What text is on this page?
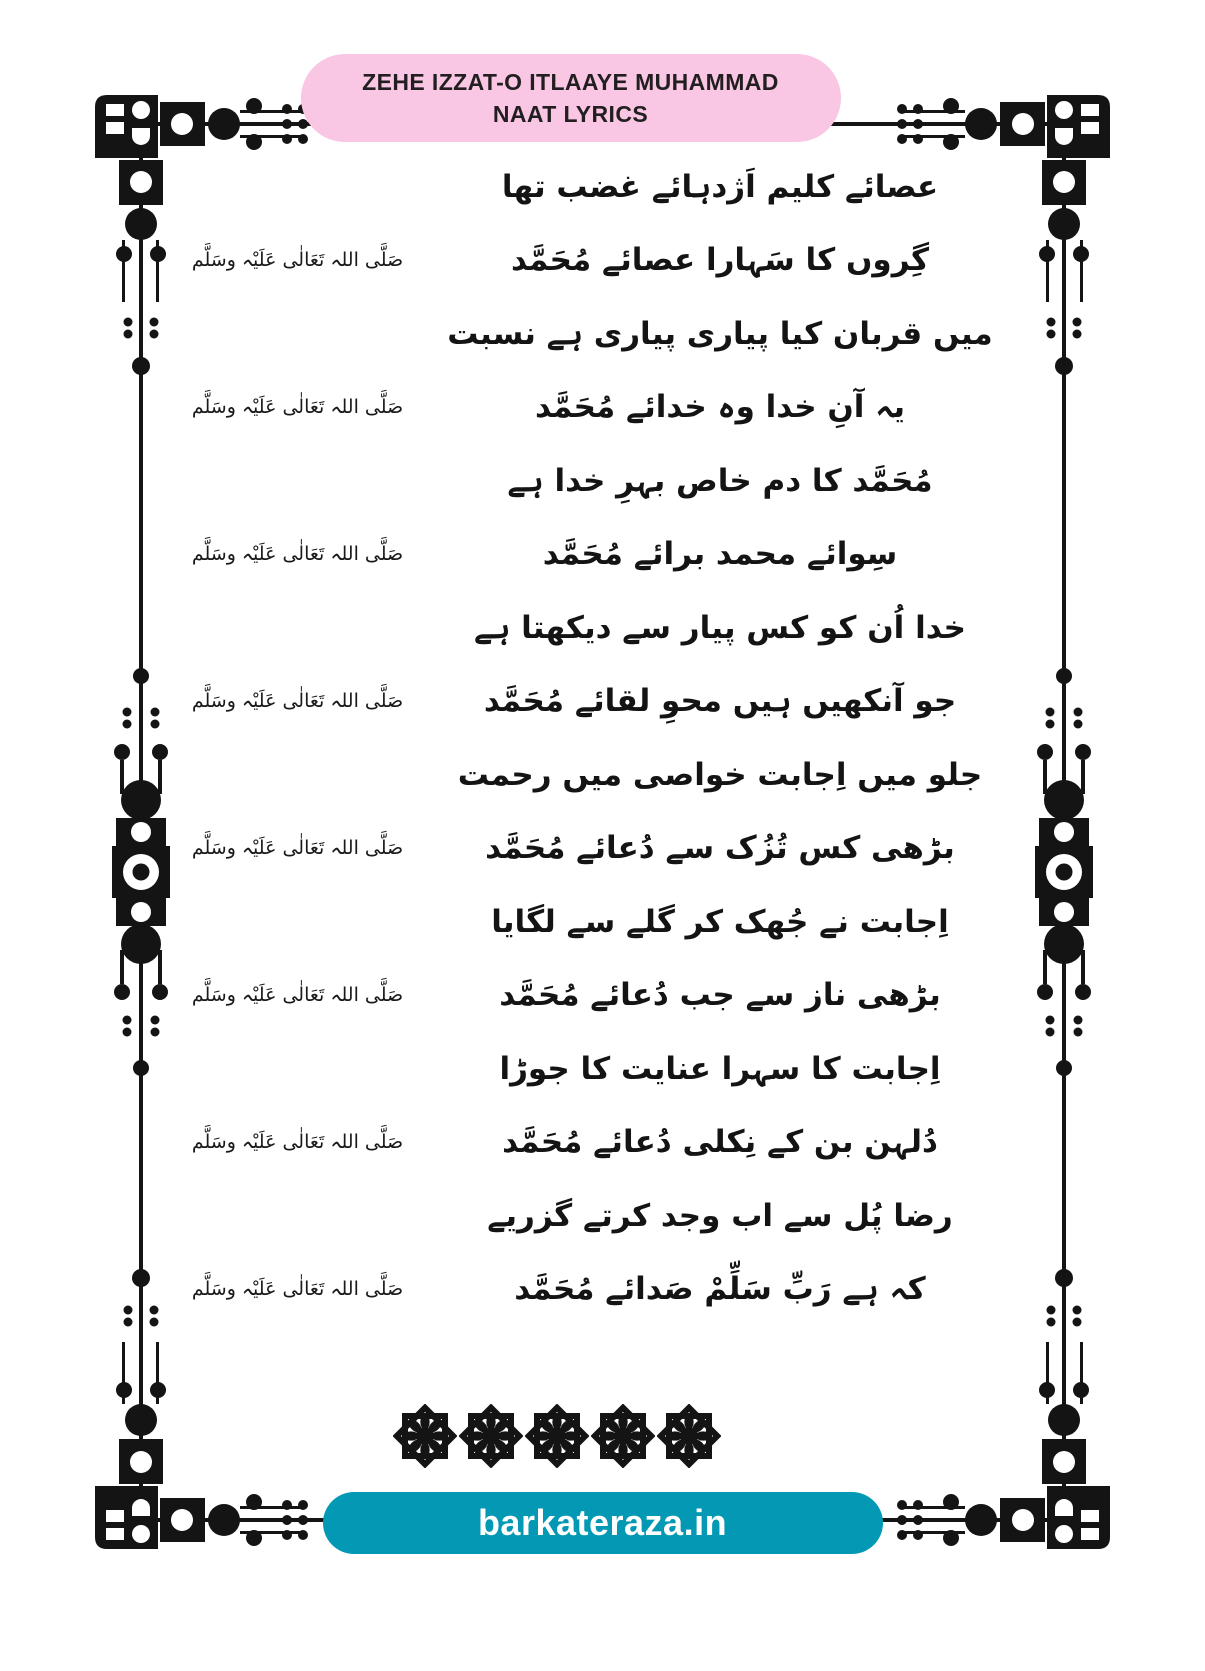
ZEHE IZZAT-O ITLAAYE MUHAMMAD NAAT LYRICS
عصائے کلیم اَژدہائے غضب تھا
صَلَّی اللہ تَعَالٰی عَلَیْہ وسَلَّم	گِروں کا سَہارا عصائے مُحَمَّد
میں قربان کیا پیاری پیاری ہے نسبت
صَلَّی اللہ تَعَالٰی عَلَیْہ وسَلَّم	یہ آنِ خدا وہ خدائے مُحَمَّد
مُحَمَّد کا دم خاص بہرِ خدا ہے
صَلَّی اللہ تَعَالٰی عَلَیْہ وسَلَّم	سِوائے محمد برائے مُحَمَّد
خدا اُن کو کس پیار سے دیکھتا ہے
صَلَّی اللہ تَعَالٰی عَلَیْہ وسَلَّم	جو آنکھیں ہیں محوِ لقائے مُحَمَّد
جلو میں اِجابت خواصی میں رحمت
صَلَّی اللہ تَعَالٰی عَلَیْہ وسَلَّم	بڑھی کس تُزُک سے دُعائے مُحَمَّد
اِجابت نے جُھک کر گلے سے لگایا
صَلَّی اللہ تَعَالٰی عَلَیْہ وسَلَّم	بڑھی ناز سے جب دُعائے مُحَمَّد
اِجابت کا سہرا عنایت کا جوڑا
صَلَّی اللہ تَعَالٰی عَلَیْہ وسَلَّم	دُلہن بن کے نِکلی دُعائے مُحَمَّد
رضا پُل سے اب وجد کرتے گزریے
صَلَّی اللہ تَعَالٰی عَلَیْہ وسَلَّم	کہ ہے رَبِّ سَلِّمْ صَدائے مُحَمَّد
barkateraza.in
